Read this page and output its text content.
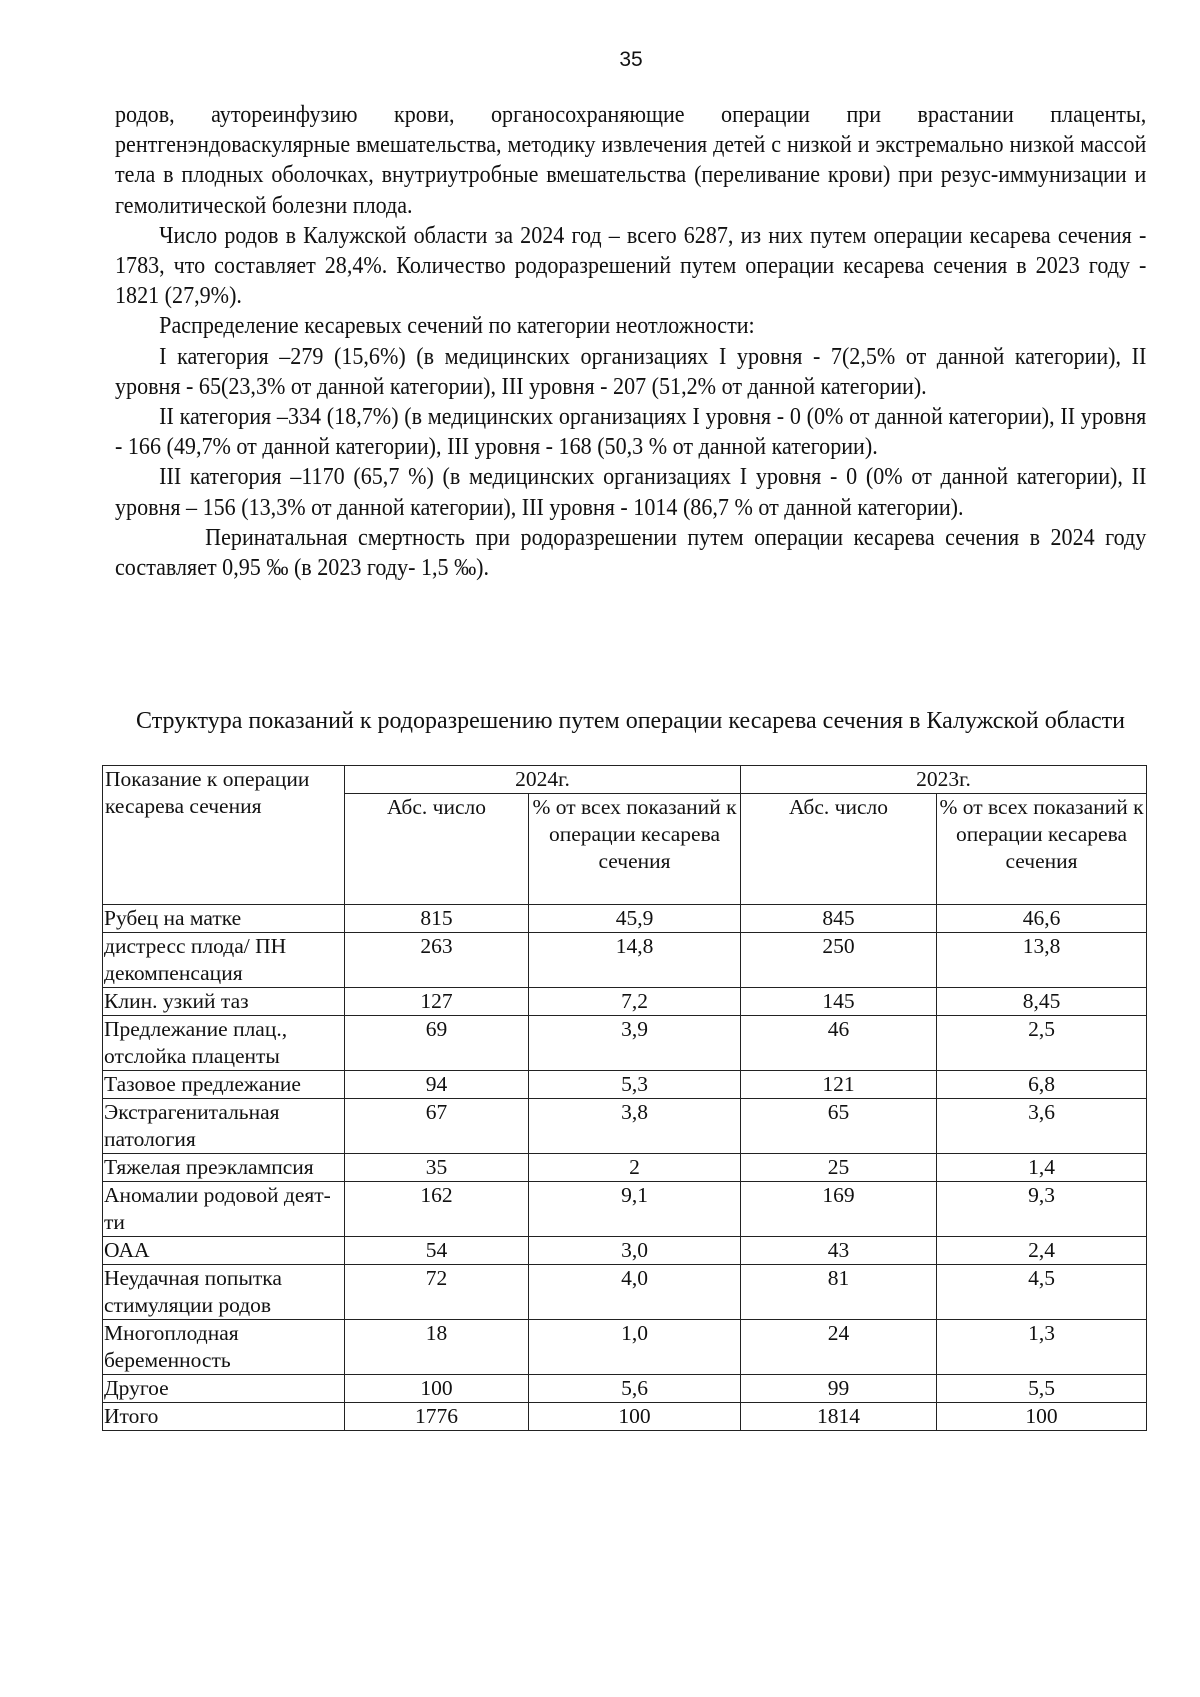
35

родов, аутореинфузию крови, органосохраняющие операции при врастании плаценты, рентгенэндоваскулярные вмешательства, методику извлечения детей с низкой и экстремально низкой массой тела в плодных оболочках, внутриутробные вмешательства (переливание крови) при резус-иммунизации и гемолитической болезни плода.

Число родов в Калужской области за 2024 год – всего 6287, из них путем операции кесарева сечения - 1783, что составляет 28,4%. Количество родоразрешений путем операции кесарева сечения в 2023 году - 1821 (27,9%).

Распределение кесаревых сечений по категории неотложности:

I категория –279 (15,6%) (в медицинских организациях I уровня - 7(2,5% от данной категории), II уровня - 65(23,3% от данной категории), III уровня - 207 (51,2% от данной категории).

II категория –334 (18,7%) (в медицинских организациях I уровня - 0 (0% от данной категории), II уровня - 166 (49,7% от данной категории), III уровня - 168 (50,3 % от данной категории).

III категория –1170 (65,7 %) (в медицинских организациях I уровня - 0 (0% от данной категории), II уровня – 156 (13,3% от данной категории), III уровня - 1014 (86,7 % от данной категории).

Перинатальная смертность при родоразрешении путем операции кесарева сечения в 2024 году составляет 0,95 ‰ (в 2023 году- 1,5 ‰).

Структура показаний к родоразрешению путем операции кесарева сечения в Калужской области
Показание к операции кесарева сечения	2024г.		2023г.	
	Абс. число	% от всех показаний к операции кесарева сечения	Абс. число	% от всех показаний к операции кесарева сечения
Рубец на матке	815	45,9	845	46,6
дистресс плода/ ПН декомпенсация	263	14,8	250	13,8
Клин. узкий таз	127	7,2	145	8,45
Предлежание плац., отслойка плаценты	69	3,9	46	2,5
Тазовое предлежание	94	5,3	121	6,8
Экстрагенитальная патология	67	3,8	65	3,6
Тяжелая преэклампсия	35	2	25	1,4
Аномалии родовой деят-ти	162	9,1	169	9,3
ОАА	54	3,0	43	2,4
Неудачная попытка стимуляции родов	72	4,0	81	4,5
Многоплодная беременность	18	1,0	24	1,3
Другое	100	5,6	99	5,5
Итого	1776	100	1814	100
